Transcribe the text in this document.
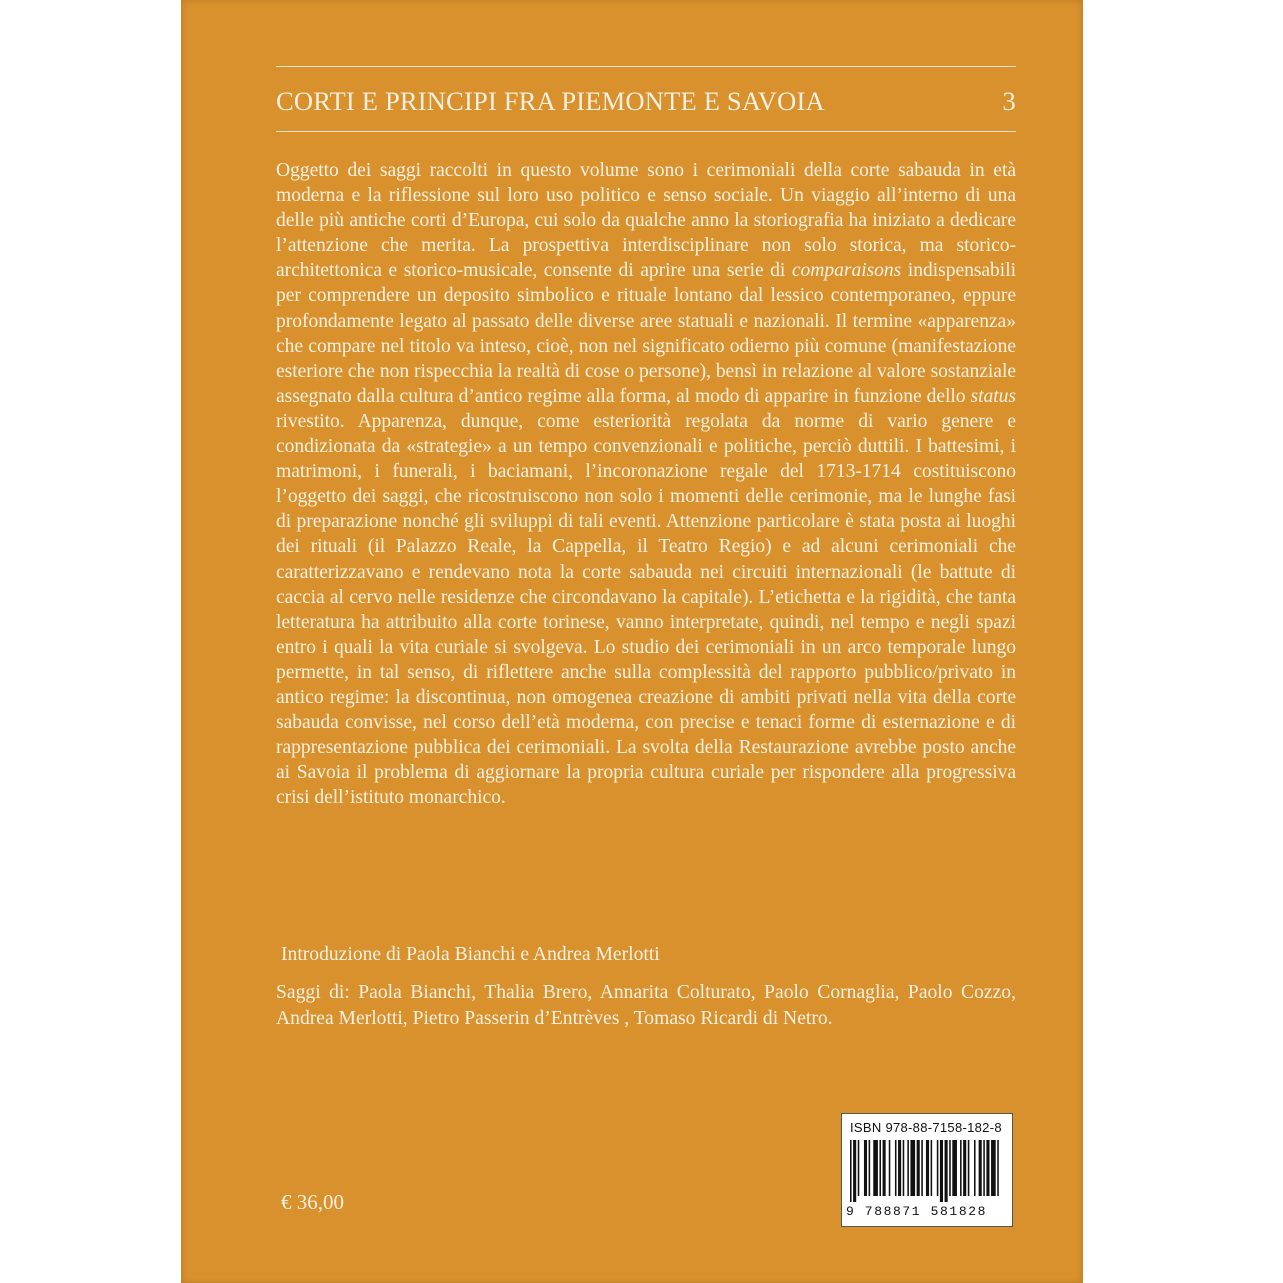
CORTI E PRINCIPI FRA PIEMONTE E SAVOIA	3
Oggetto dei saggi raccolti in questo volume sono i cerimoniali della corte sabauda in età moderna e la riflessione sul loro uso politico e senso sociale. Un viaggio all’interno di una delle più antiche corti d’Europa, cui solo da qualche anno la storiografia ha iniziato a dedicare l’attenzione che merita. La prospettiva interdisciplinare non solo storica, ma storico-architettonica e storico-musicale, consente di aprire una serie di comparaisons indispensabili per comprendere un deposito simbolico e rituale lontano dal lessico contemporaneo, eppure profondamente legato al passato delle diverse aree statuali e nazionali. Il termine «apparenza» che compare nel titolo va inteso, cioè, non nel significato odierno più comune (manifestazione esteriore che non rispecchia la realtà di cose o persone), bensì in relazione al valore sostanziale assegnato dalla cultura d’antico regime alla forma, al modo di apparire in funzione dello status rivestito. Apparenza, dunque, come esteriorità regolata da norme di vario genere e condizionata da «strategie» a un tempo convenzionali e politiche, perciò duttili. I battesimi, i matrimoni, i funerali, i baciamani, l’incoronazione regale del 1713-1714 costituiscono l’oggetto dei saggi, che ricostruiscono non solo i momenti delle cerimonie, ma le lunghe fasi di preparazione nonché gli sviluppi di tali eventi. Attenzione particolare è stata posta ai luoghi dei rituali (il Palazzo Reale, la Cappella, il Teatro Regio) e ad alcuni cerimoniali che caratterizzavano e rendevano nota la corte sabauda nei circuiti internazionali (le battute di caccia al cervo nelle residenze che circondavano la capitale). L’etichetta e la rigidità, che tanta letteratura ha attribuito alla corte torinese, vanno interpretate, quindi, nel tempo e negli spazi entro i quali la vita curiale si svolgeva. Lo studio dei cerimoniali in un arco temporale lungo permette, in tal senso, di riflettere anche sulla complessità del rapporto pubblico/privato in antico regime: la discontinua, non omogenea creazione di ambiti privati nella vita della corte sabauda convisse, nel corso dell’età moderna, con precise e tenaci forme di esternazione e di rappresentazione pubblica dei cerimoniali. La svolta della Restaurazione avrebbe posto anche ai Savoia il problema di aggiornare la propria cultura curiale per rispondere alla progressiva crisi dell’istituto monarchico.
Introduzione di Paola Bianchi e Andrea Merlotti
Saggi di: Paola Bianchi, Thalia Brero, Annarita Colturato, Paolo Cornaglia, Paolo Cozzo, Andrea Merlotti, Pietro Passerin d’Entrèves , Tomaso Ricardi di Netro.
€ 36,00
ISBN 978-88-7158-182-8
9 788871 581828
